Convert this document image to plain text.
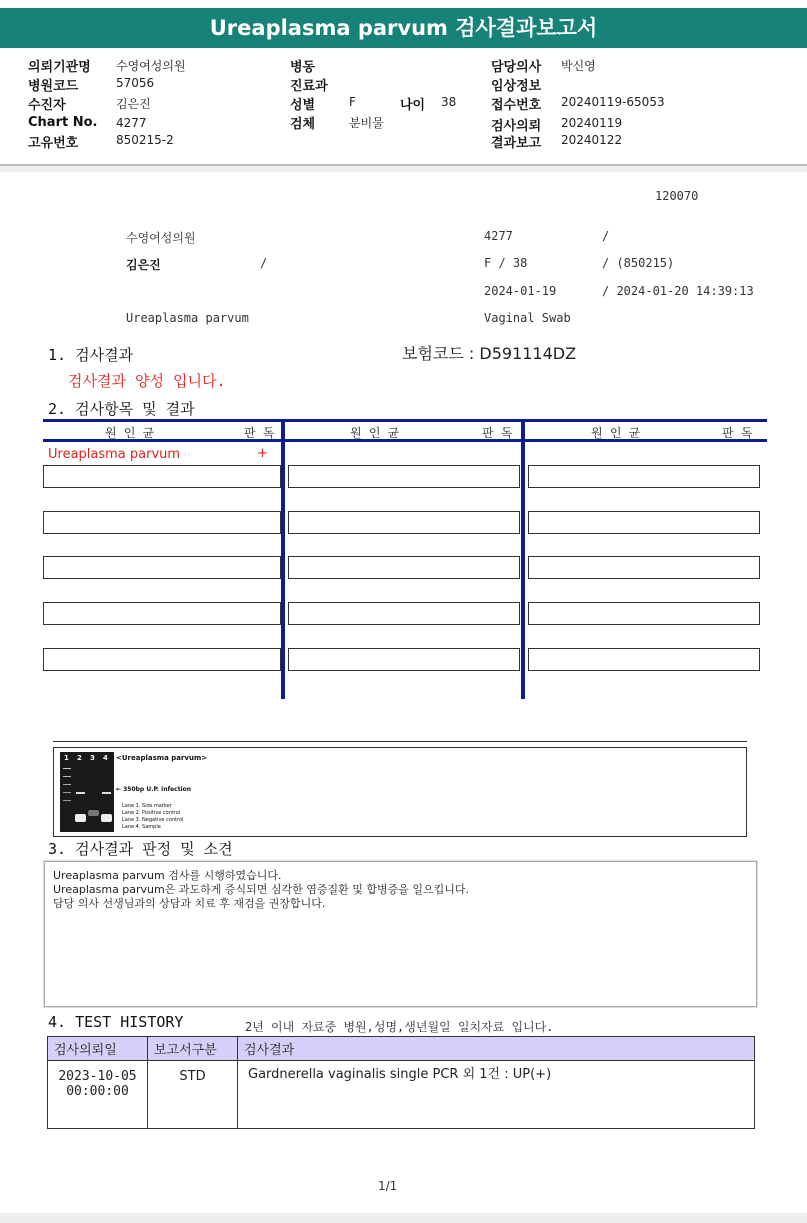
Ureaplasma parvum 검사결과보고서
의뢰기관명 수영여성의원
병원코드	57056
수진자	김은진
Chart No. 4277
고유번호	850215-2
병동
진료과
성별	F	나이 38
검체	분비물
담당의사 박신영
임상정보
접수번호 20240119-65053
검사의뢰 20240119
결과보고 20240122
120070
수영여성의원	4277	/
김은진	/	F / 38	/ (850215)
2024-01-19	/ 2024-01-20 14:39:13
Ureaplasma parvum	Vaginal Swab
1. 검사결과	보험코드 : D591114DZ
검사결과 양성 입니다.
2. 검사항목 및 결과
원 인 균	판 독	원 인 균	판 독	원 인 균	판 독
Ureaplasma parvum	+
1 2 3 4 <Ureaplasma parvum>
← 350bp U.P. infection
Lane 1. Size marker
Lane 2. Positive control
Lane 3. Negative control
Lane 4. Sample
3. 검사결과 판정 및 소견
Ureaplasma parvum 검사를 시행하였습니다.
Ureaplasma parvum은 과도하게 증식되면 심각한 염증질환 및 합병증을 일으킵니다.
담당 의사 선생님과의 상담과 치료 후 재검을 권장합니다.
4. TEST HISTORY	2년 이내 자료중 병원,성명,생년월일 일치자료 입니다.
검사의뢰일	보고서구분	검사결과

2023-10-05
00:00:00	STD	Gardnerella vaginalis single PCR 외 1건 : UP(+)
1/1
